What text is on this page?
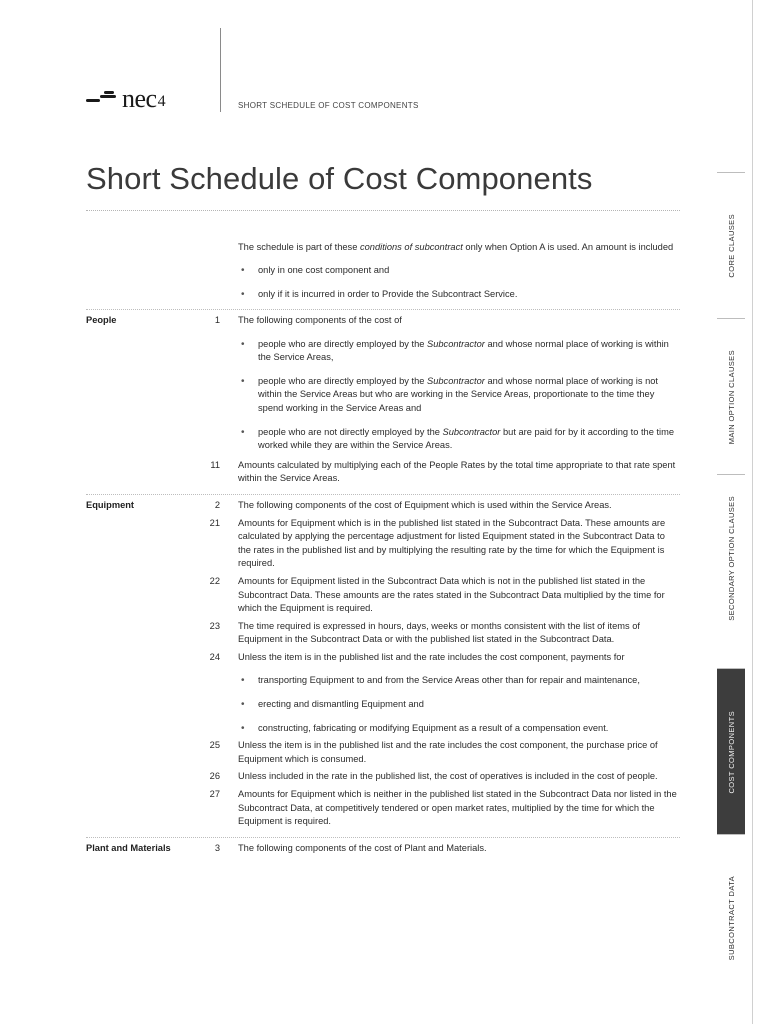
nec 4	SHORT SCHEDULE OF COST COMPONENTS
Short Schedule of Cost Components
CORE CLAUSES
MAIN OPTION CLAUSES
SECONDARY OPTION CLAUSES
COST COMPONENTS
SUBCONTRACT DATA

The schedule is part of these conditions of subcontract only when Option A is used. An amount is included

• only in one cost component and
• only if it is incurred in order to Provide the Subcontract Service.
People	1 The following components of the cost of
• people who are directly employed by the Subcontractor and whose normal place of working is within the Service Areas,
• people who are directly employed by the Subcontractor and whose normal place of working is not within the Service Areas but who are working in the Service Areas, proportionate to the time they spend working in the Service Areas and
• people who are not directly employed by the Subcontractor but are paid for by it according to the time worked while they are within the Service Areas.
11 Amounts calculated by multiplying each of the People Rates by the total time appropriate to that rate spent within the Service Areas.
Equipment	2 The following components of the cost of Equipment which is used within the Service Areas.
21 Amounts for Equipment which is in the published list stated in the Subcontract Data. These amounts are calculated by applying the percentage adjustment for listed Equipment stated in the Subcontract Data to the rates in the published list and by multiplying the resulting rate by the time for which the Equipment is required.
22 Amounts for Equipment listed in the Subcontract Data which is not in the published list stated in the Subcontract Data. These amounts are the rates stated in the Subcontract Data multiplied by the time for which the Equipment is required.
23 The time required is expressed in hours, days, weeks or months consistent with the list of items of Equipment in the Subcontract Data or with the published list stated in the Subcontract Data.
24 Unless the item is in the published list and the rate includes the cost component, payments for
• transporting Equipment to and from the Service Areas other than for repair and maintenance,
• erecting and dismantling Equipment and
• constructing, fabricating or modifying Equipment as a result of a compensation event.
25 Unless the item is in the published list and the rate includes the cost component, the purchase price of Equipment which is consumed.
26 Unless included in the rate in the published list, the cost of operatives is included in the cost of people.
27 Amounts for Equipment which is neither in the published list stated in the Subcontract Data nor listed in the Subcontract Data, at competitively tendered or open market rates, multiplied by the time for which the Equipment is required.
Plant and Materials	3 The following components of the cost of Plant and Materials.
